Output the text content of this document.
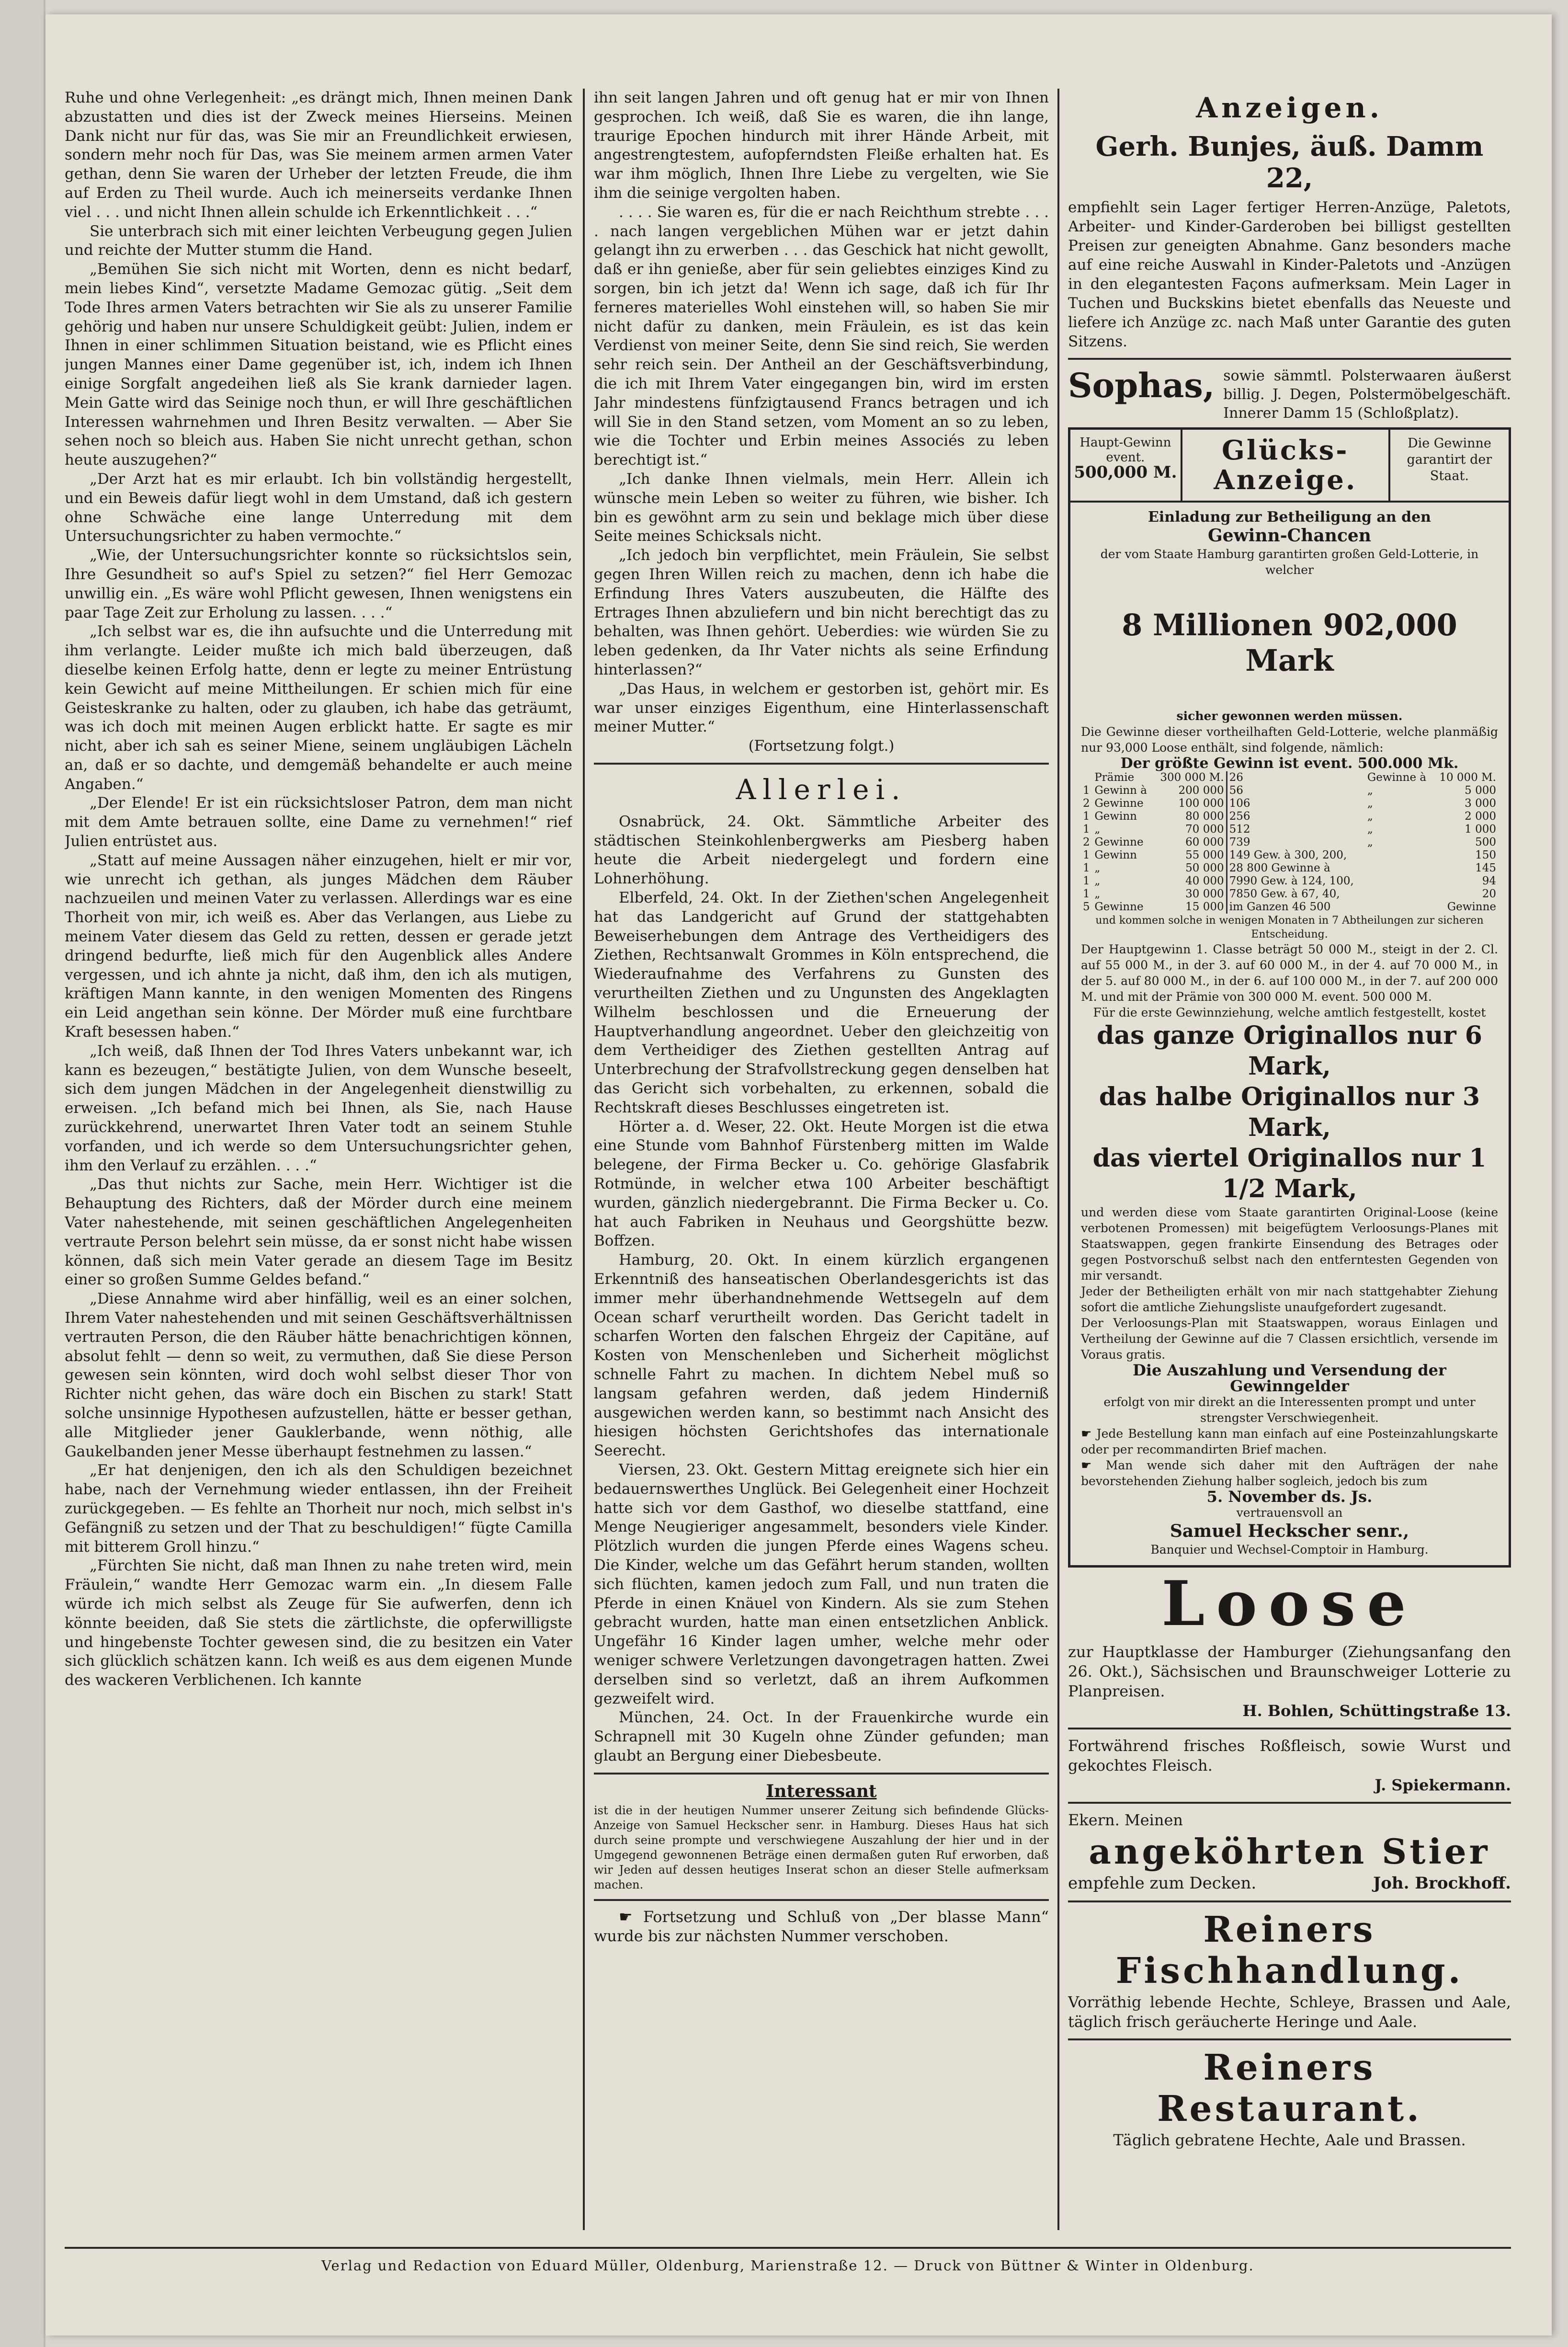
Ruhe und ohne Verlegenheit: „es drängt mich, Ihnen meinen Dank abzustatten und dies ist der Zweck meines Hierseins. Meinen Dank nicht nur für das, was Sie mir an Freundlichkeit erwiesen, sondern mehr noch für Das, was Sie meinem armen armen Vater gethan, denn Sie waren der Urheber der letzten Freude, die ihm auf Erden zu Theil wurde. Auch ich meinerseits verdanke Ihnen viel . . . und nicht Ihnen allein schulde ich Erkenntlichkeit . . .“

Sie unterbrach sich mit einer leichten Verbeugung gegen Julien und reichte der Mutter stumm die Hand.

„Bemühen Sie sich nicht mit Worten, denn es nicht bedarf, mein liebes Kind“, versetzte Madame Gemozac gütig. „Seit dem Tode Ihres armen Vaters betrachten wir Sie als zu unserer Familie gehörig und haben nur unsere Schuldigkeit geübt: Julien, indem er Ihnen in einer schlimmen Situation beistand, wie es Pflicht eines jungen Mannes einer Dame gegenüber ist, ich, indem ich Ihnen einige Sorgfalt angedeihen ließ als Sie krank darnieder lagen. Mein Gatte wird das Seinige noch thun, er will Ihre geschäftlichen Interessen wahrnehmen und Ihren Besitz verwalten. — Aber Sie sehen noch so bleich aus. Haben Sie nicht unrecht gethan, schon heute auszugehen?“

„Der Arzt hat es mir erlaubt. Ich bin vollständig hergestellt, und ein Beweis dafür liegt wohl in dem Umstand, daß ich gestern ohne Schwäche eine lange Unterredung mit dem Untersuchungsrichter zu haben vermochte.“

„Wie, der Untersuchungsrichter konnte so rücksichtslos sein, Ihre Gesundheit so auf's Spiel zu setzen?“ fiel Herr Gemozac unwillig ein. „Es wäre wohl Pflicht gewesen, Ihnen wenigstens ein paar Tage Zeit zur Erholung zu lassen. . . .“

„Ich selbst war es, die ihn aufsuchte und die Unterredung mit ihm verlangte. Leider mußte ich mich bald überzeugen, daß dieselbe keinen Erfolg hatte, denn er legte zu meiner Entrüstung kein Gewicht auf meine Mittheilungen. Er schien mich für eine Geisteskranke zu halten, oder zu glauben, ich habe das geträumt, was ich doch mit meinen Augen erblickt hatte. Er sagte es mir nicht, aber ich sah es seiner Miene, seinem ungläubigen Lächeln an, daß er so dachte, und demgemäß behandelte er auch meine Angaben.“

„Der Elende! Er ist ein rücksichtsloser Patron, dem man nicht mit dem Amte betrauen sollte, eine Dame zu vernehmen!“ rief Julien entrüstet aus.

„Statt auf meine Aussagen näher einzugehen, hielt er mir vor, wie unrecht ich gethan, als junges Mädchen dem Räuber nachzueilen und meinen Vater zu verlassen. Allerdings war es eine Thorheit von mir, ich weiß es. Aber das Verlangen, aus Liebe zu meinem Vater diesem das Geld zu retten, dessen er gerade jetzt dringend bedurfte, ließ mich für den Augenblick alles Andere vergessen, und ich ahnte ja nicht, daß ihm, den ich als mutigen, kräftigen Mann kannte, in den wenigen Momenten des Ringens ein Leid angethan sein könne. Der Mörder muß eine furchtbare Kraft besessen haben.“

„Ich weiß, daß Ihnen der Tod Ihres Vaters unbekannt war, ich kann es bezeugen,“ bestätigte Julien, von dem Wunsche beseelt, sich dem jungen Mädchen in der Angelegenheit dienstwillig zu erweisen. „Ich befand mich bei Ihnen, als Sie, nach Hause zurückkehrend, unerwartet Ihren Vater todt an seinem Stuhle vorfanden, und ich werde so dem Untersuchungsrichter gehen, ihm den Verlauf zu erzählen. . . .“

„Das thut nichts zur Sache, mein Herr. Wichtiger ist die Behauptung des Richters, daß der Mörder durch eine meinem Vater nahestehende, mit seinen geschäftlichen Angelegenheiten vertraute Person belehrt sein müsse, da er sonst nicht habe wissen können, daß sich mein Vater gerade an diesem Tage im Besitz einer so großen Summe Geldes befand.“

„Diese Annahme wird aber hinfällig, weil es an einer solchen, Ihrem Vater nahestehenden und mit seinen Geschäftsverhältnissen vertrauten Person, die den Räuber hätte benachrichtigen können, absolut fehlt — denn so weit, zu vermuthen, daß Sie diese Person gewesen sein könnten, wird doch wohl selbst dieser Thor von Richter nicht gehen, das wäre doch ein Bischen zu stark! Statt solche unsinnige Hypothesen aufzustellen, hätte er besser gethan, alle Mitglieder jener Gauklerbande, wenn nöthig, alle Gaukelbanden jener Messe überhaupt festnehmen zu lassen.“

„Er hat denjenigen, den ich als den Schuldigen bezeichnet habe, nach der Vernehmung wieder entlassen, ihn der Freiheit zurückgegeben. — Es fehlte an Thorheit nur noch, mich selbst in's Gefängniß zu setzen und der That zu beschuldigen!“ fügte Camilla mit bitterem Groll hinzu.“

„Fürchten Sie nicht, daß man Ihnen zu nahe treten wird, mein Fräulein,“ wandte Herr Gemozac warm ein. „In diesem Falle würde ich mich selbst als Zeuge für Sie aufwerfen, denn ich könnte beeiden, daß Sie stets die zärtlichste, die opferwilligste und hingebenste Tochter gewesen sind, die zu besitzen ein Vater sich glücklich schätzen kann. Ich weiß es aus dem eigenen Munde des wackeren Verblichenen. Ich kannte

ihn seit langen Jahren und oft genug hat er mir von Ihnen gesprochen. Ich weiß, daß Sie es waren, die ihn lange, traurige Epochen hindurch mit ihrer Hände Arbeit, mit angestrengtestem, aufopferndsten Fleiße erhalten hat. Es war ihm möglich, Ihnen Ihre Liebe zu vergelten, wie Sie ihm die seinige vergolten haben.

. . . . Sie waren es, für die er nach Reichthum strebte . . . . nach langen vergeblichen Mühen war er jetzt dahin gelangt ihn zu erwerben . . . das Geschick hat nicht gewollt, daß er ihn genieße, aber für sein geliebtes einziges Kind zu sorgen, bin ich jetzt da! Wenn ich sage, daß ich für Ihr ferneres materielles Wohl einstehen will, so haben Sie mir nicht dafür zu danken, mein Fräulein, es ist das kein Verdienst von meiner Seite, denn Sie sind reich, Sie werden sehr reich sein. Der Antheil an der Geschäftsverbindung, die ich mit Ihrem Vater eingegangen bin, wird im ersten Jahr mindestens fünfzigtausend Francs betragen und ich will Sie in den Stand setzen, vom Moment an so zu leben, wie die Tochter und Erbin meines Associés zu leben berechtigt ist.“

„Ich danke Ihnen vielmals, mein Herr. Allein ich wünsche mein Leben so weiter zu führen, wie bisher. Ich bin es gewöhnt arm zu sein und beklage mich über diese Seite meines Schicksals nicht.

„Ich jedoch bin verpflichtet, mein Fräulein, Sie selbst gegen Ihren Willen reich zu machen, denn ich habe die Erfindung Ihres Vaters auszubeuten, die Hälfte des Ertrages Ihnen abzuliefern und bin nicht berechtigt das zu behalten, was Ihnen gehört. Ueberdies: wie würden Sie zu leben gedenken, da Ihr Vater nichts als seine Erfindung hinterlassen?“

„Das Haus, in welchem er gestorben ist, gehört mir. Es war unser einziges Eigenthum, eine Hinterlassenschaft meiner Mutter.“

(Fortsetzung folgt.)

Allerlei.

Osnabrück, 24. Okt. Sämmtliche Arbeiter des städtischen Steinkohlenbergwerks am Piesberg haben heute die Arbeit niedergelegt und fordern eine Lohnerhöhung.

Elberfeld, 24. Okt. In der Ziethen'schen Angelegenheit hat das Landgericht auf Grund der stattgehabten Beweiserhebungen dem Antrage des Vertheidigers des Ziethen, Rechtsanwalt Grommes in Köln entsprechend, die Wiederaufnahme des Verfahrens zu Gunsten des verurtheilten Ziethen und zu Ungunsten des Angeklagten Wilhelm beschlossen und die Erneuerung der Hauptverhandlung angeordnet. Ueber den gleichzeitig von dem Vertheidiger des Ziethen gestellten Antrag auf Unterbrechung der Strafvollstreckung gegen denselben hat das Gericht sich vorbehalten, zu erkennen, sobald die Rechtskraft dieses Beschlusses eingetreten ist.

Hörter a. d. Weser, 22. Okt. Heute Morgen ist die etwa eine Stunde vom Bahnhof Fürstenberg mitten im Walde belegene, der Firma Becker u. Co. gehörige Glasfabrik Rotmünde, in welcher etwa 100 Arbeiter beschäftigt wurden, gänzlich niedergebrannt. Die Firma Becker u. Co. hat auch Fabriken in Neuhaus und Georgshütte bezw. Boffzen.

Hamburg, 20. Okt. In einem kürzlich ergangenen Erkenntniß des hanseatischen Oberlandesgerichts ist das immer mehr überhandnehmende Wettsegeln auf dem Ocean scharf verurtheilt worden. Das Gericht tadelt in scharfen Worten den falschen Ehrgeiz der Capitäne, auf Kosten von Menschenleben und Sicherheit möglichst schnelle Fahrt zu machen. In dichtem Nebel muß so langsam gefahren werden, daß jedem Hinderniß ausgewichen werden kann, so bestimmt nach Ansicht des hiesigen höchsten Gerichtshofes das internationale Seerecht.

Viersen, 23. Okt. Gestern Mittag ereignete sich hier ein bedauernswerthes Unglück. Bei Gelegenheit einer Hochzeit hatte sich vor dem Gasthof, wo dieselbe stattfand, eine Menge Neugieriger angesammelt, besonders viele Kinder. Plötzlich wurden die jungen Pferde eines Wagens scheu. Die Kinder, welche um das Gefährt herum standen, wollten sich flüchten, kamen jedoch zum Fall, und nun traten die Pferde in einen Knäuel von Kindern. Als sie zum Stehen gebracht wurden, hatte man einen entsetzlichen Anblick. Ungefähr 16 Kinder lagen umher, welche mehr oder weniger schwere Verletzungen davongetragen hatten. Zwei derselben sind so verletzt, daß an ihrem Aufkommen gezweifelt wird.

München, 24. Oct. In der Frauenkirche wurde ein Schrapnell mit 30 Kugeln ohne Zünder gefunden; man glaubt an Bergung einer Diebesbeute.

Interessant

ist die in der heutigen Nummer unserer Zeitung sich befindende Glücks-Anzeige von Samuel Heckscher senr. in Hamburg. Dieses Haus hat sich durch seine prompte und verschwiegene Auszahlung der hier und in der Umgegend gewonnenen Beträge einen dermaßen guten Ruf erworben, daß wir Jeden auf dessen heutiges Inserat schon an dieser Stelle aufmerksam machen.

☛ Fortsetzung und Schluß von „Der blasse Mann“ wurde bis zur nächsten Nummer verschoben.

Anzeigen.
Gerh. Bunjes, äuß. Damm 22,

empfiehlt sein Lager fertiger Herren-Anzüge, Paletots, Arbeiter- und Kinder-Garderoben bei billigst gestellten Preisen zur geneigten Abnahme. Ganz besonders mache auf eine reiche Auswahl in Kinder-Paletots und -Anzügen in den elegantesten Façons aufmerksam. Mein Lager in Tuchen und Buckskins bietet ebenfalls das Neueste und liefere ich Anzüge zc. nach Maß unter Garantie des guten Sitzens.

Sophas, sowie sämmtl. Polsterwaaren äußerst billig. J. Degen, Polstermöbelgeschäft. Innerer Damm 15 (Schloßplatz).

Haupt-Gewinn event.
500,000 M.
Glücks-Anzeige.
Die Gewinne garantirt der Staat.

Einladung zur Betheiligung an den

Gewinn-Chancen

der vom Staate Hamburg garantirten großen Geld-Lotterie, in welcher

8 Millionen 902,000 Mark

sicher gewonnen werden müssen.

Die Gewinne dieser vortheilhaften Geld-Lotterie, welche planmäßig nur 93,000 Loose enthält, sind folgende, nämlich:

Der größte Gewinn ist event. 500.000 Mk.

	Prämie	300 000 M.	26	Gewinne à	10 000 M.
1	Gewinn à	200 000	56	„	5 000
2	Gewinne	100 000	106	„	3 000
1	Gewinn	80 000	256	„	2 000
1	„	70 000	512	„	1 000
2	Gewinne	60 000	739	„	500
1	Gewinn	55 000	149 Gew. à 300, 200,		150
1	„	50 000	28 800 Gewinne à		145
1	„	40 000	7990 Gew. à 124, 100,		94
1	„	30 000	7850 Gew. à 67, 40,		20
5	Gewinne	15 000	im Ganzen 46 500		Gewinne

und kommen solche in wenigen Monaten in 7 Abtheilungen zur sicheren Entscheidung.

Der Hauptgewinn 1. Classe beträgt 50 000 M., steigt in der 2. Cl. auf 55 000 M., in der 3. auf 60 000 M., in der 4. auf 70 000 M., in der 5. auf 80 000 M., in der 6. auf 100 000 M., in der 7. auf 200 000 M. und mit der Prämie von 300 000 M. event. 500 000 M.

Für die erste Gewinnziehung, welche amtlich festgestellt, kostet

das ganze Originallos nur 6 Mark,

das halbe Originallos nur 3 Mark,

das viertel Originallos nur 1 1/2 Mark,

und werden diese vom Staate garantirten Original-Loose (keine verbotenen Promessen) mit beigefügtem Verloosungs-Planes mit Staatswappen, gegen frankirte Einsendung des Betrages oder gegen Postvorschuß selbst nach den entferntesten Gegenden von mir versandt.

Jeder der Betheiligten erhält von mir nach stattgehabter Ziehung sofort die amtliche Ziehungsliste unaufgefordert zugesandt.

Der Verloosungs-Plan mit Staatswappen, woraus Einlagen und Vertheilung der Gewinne auf die 7 Classen ersichtlich, versende im Voraus gratis.

Die Auszahlung und Versendung der Gewinngelder

erfolgt von mir direkt an die Interessenten prompt und unter strengster Verschwiegenheit.

☛ Jede Bestellung kann man einfach auf eine Posteinzahlungskarte oder per recommandirten Brief machen.

☛ Man wende sich daher mit den Aufträgen der nahe bevorstehenden Ziehung halber sogleich, jedoch bis zum

5. November ds. Js.

vertrauensvoll an

Samuel Heckscher senr.,

Banquier und Wechsel-Comptoir in Hamburg.

Loose

zur Hauptklasse der Hamburger (Ziehungsanfang den 26. Okt.), Sächsischen und Braunschweiger Lotterie zu Planpreisen.

H. Bohlen, Schüttingstraße 13.

Fortwährend frisches Roßfleisch, sowie Wurst und gekochtes Fleisch.

J. Spiekermann.

Ekern. Meinen

angeköhrten Stier
empfehle zum Decken.	Joh. Brockhoff.
Reiners Fischhandlung.

Vorräthig lebende Hechte, Schleye, Brassen und Aale, täglich frisch geräucherte Heringe und Aale.

Reiners Restaurant.

Täglich gebratene Hechte, Aale und Brassen.

Verlag und Redaction von Eduard Müller, Oldenburg, Marienstraße 12. — Druck von Büttner & Winter in Oldenburg.
